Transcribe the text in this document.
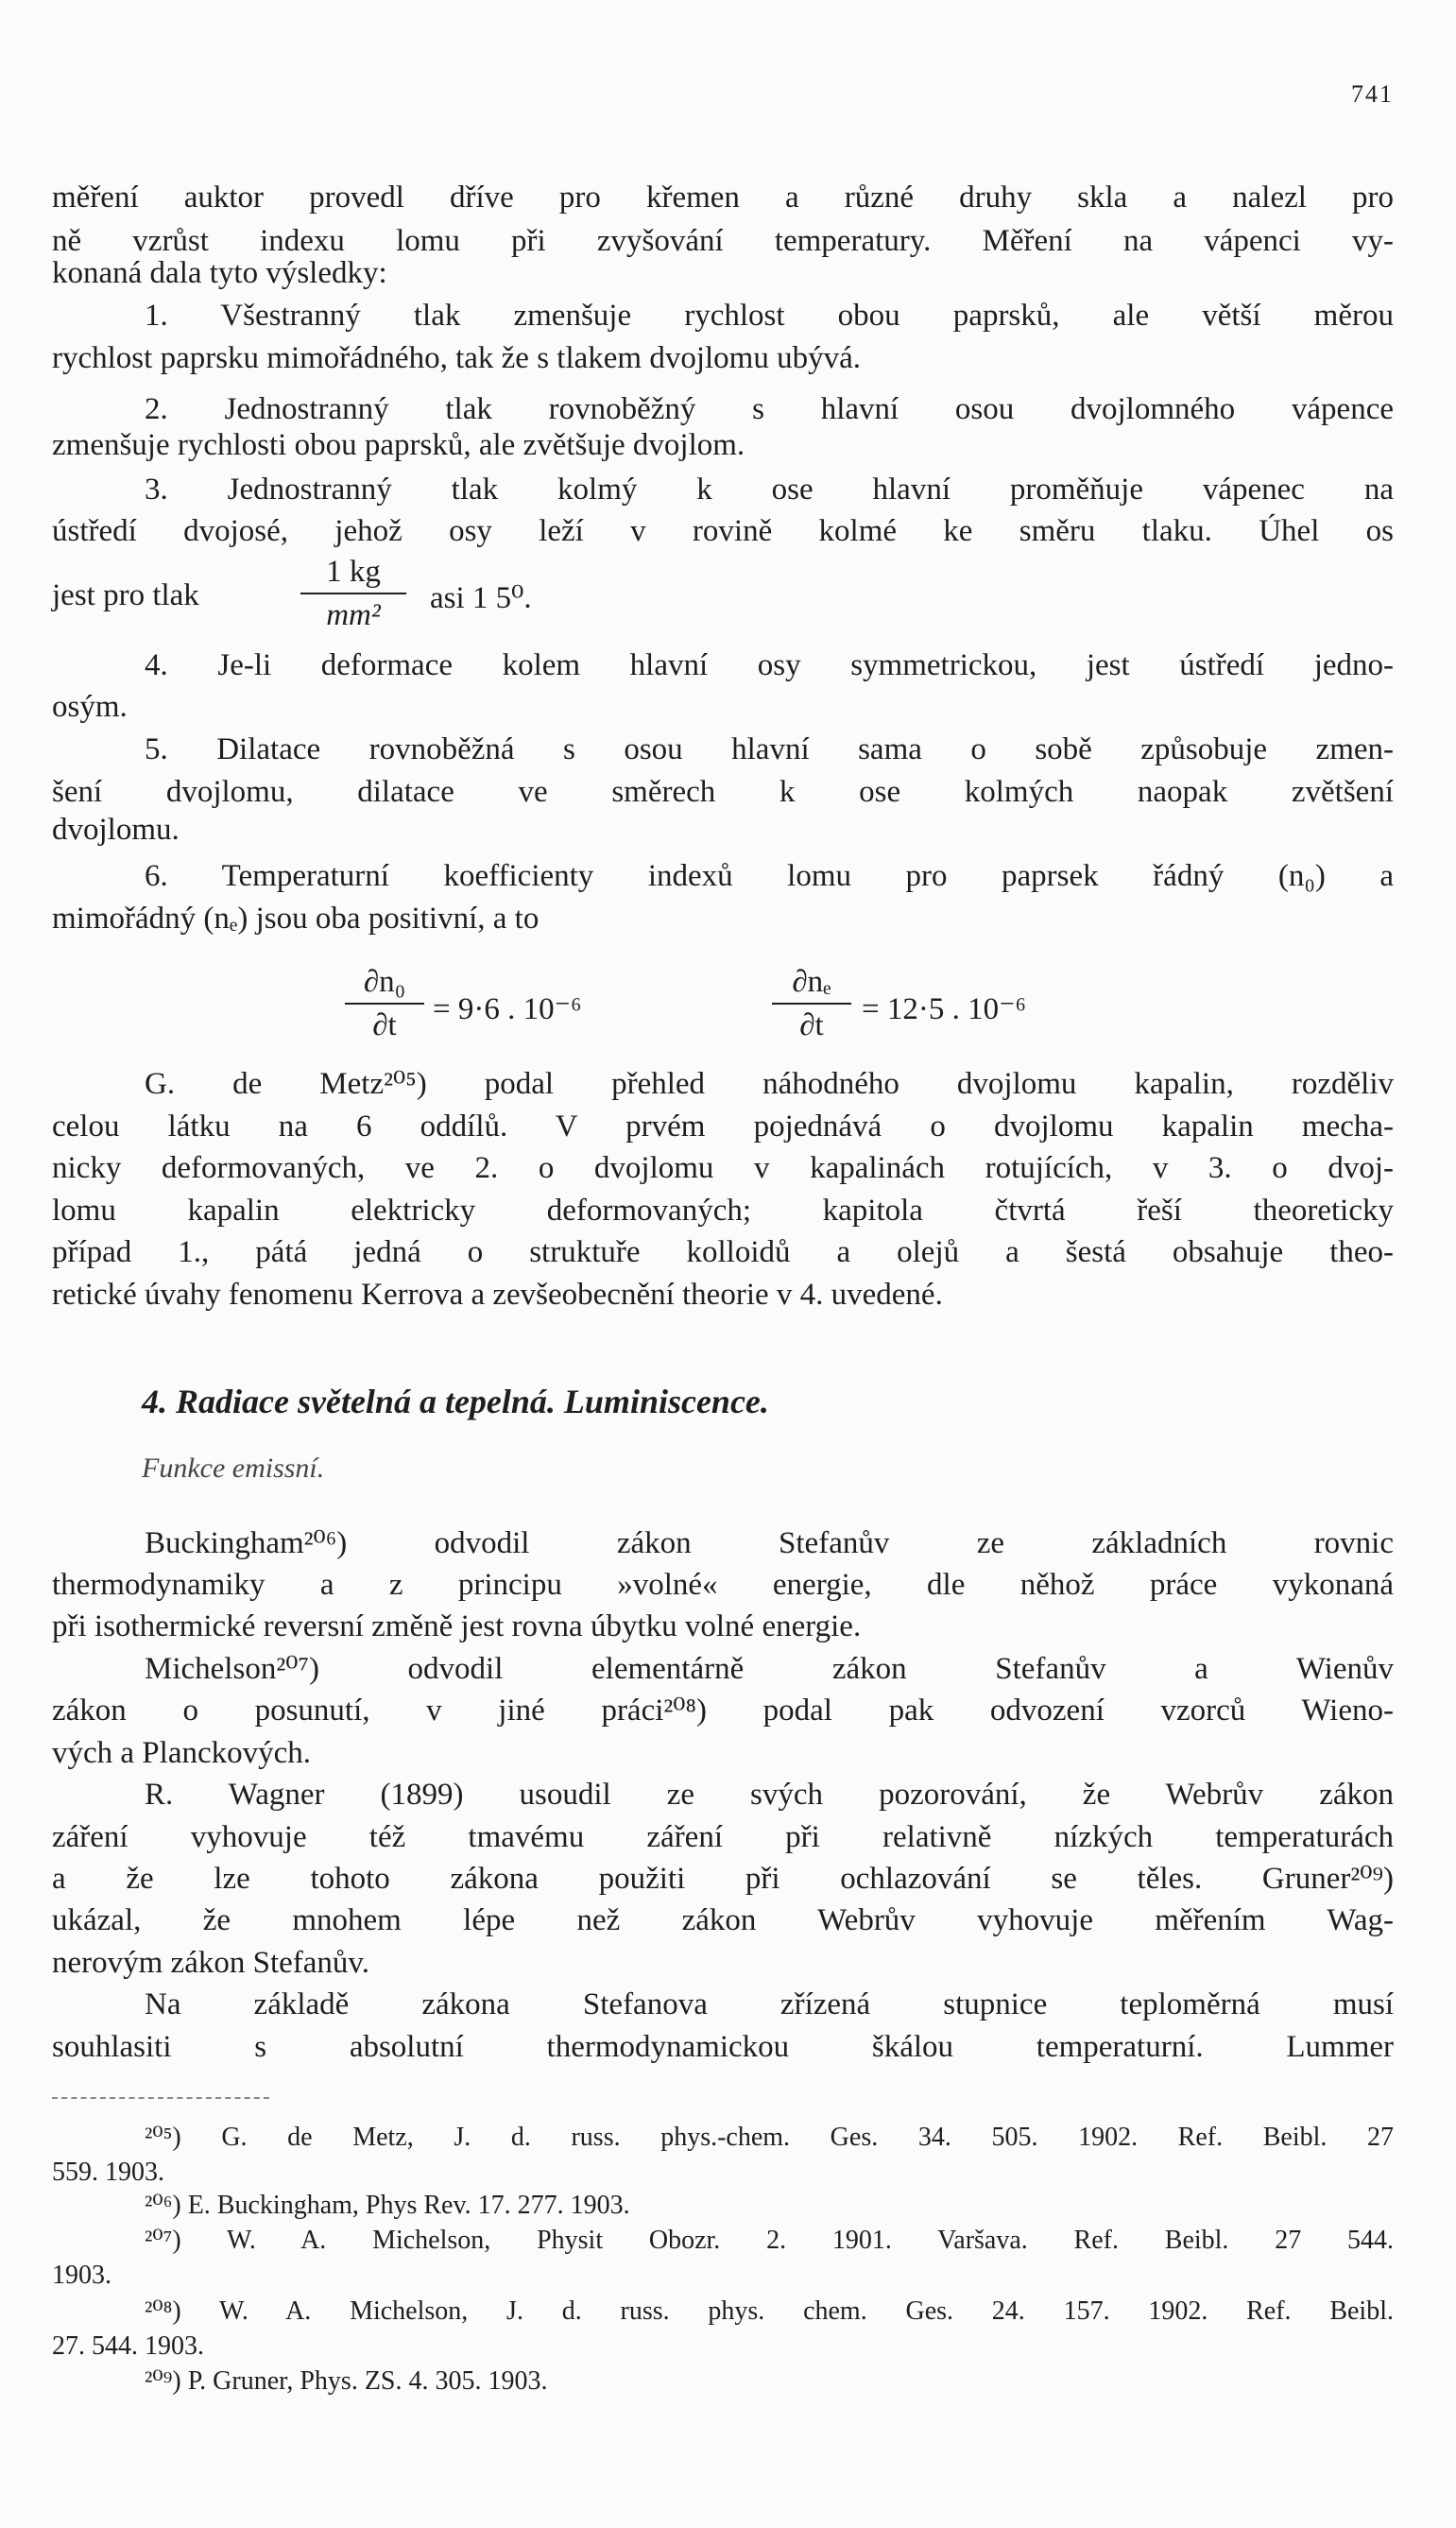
741
měření auktor provedl dříve pro křemen a různé druhy skla a nalezl pro
ně vzrůst indexu lomu při zvyšování temperatury. Měření na vápenci vy-
konaná dala tyto výsledky:
1. Všestranný tlak zmenšuje rychlost obou paprsků, ale větší měrou
rychlost paprsku mimořádného, tak že s tlakem dvojlomu ubývá.
2. Jednostranný tlak rovnoběžný s hlavní osou dvojlomného vápence
zmenšuje rychlosti obou paprsků, ale zvětšuje dvojlom.
3. Jednostranný tlak kolmý k ose hlavní proměňuje vápenec na
ústředí dvojosé, jehož osy leží v rovině kolmé ke směru tlaku. Úhel os
jest pro tlak
1 kg
mm²	asi 1 5⁰.
4. Je-li deformace kolem hlavní osy symmetrickou, jest ústředí jedno-
osým.
5. Dilatace rovnoběžná s osou hlavní sama o sobě způsobuje zmen-
šení dvojlomu, dilatace ve směrech k ose kolmých naopak zvětšení
dvojlomu.
6. Temperaturní koefficienty indexů lomu pro paprsek řádný (n₀) a
mimořádný (nₑ) jsou oba positivní, a to
∂n₀
∂t	= 9·6 . 10⁻⁶
∂nₑ
∂t	= 12·5 . 10⁻⁶
G. de Metz²⁰⁵) podal přehled náhodného dvojlomu kapalin, rozděliv
celou látku na 6 oddílů. V prvém pojednává o dvojlomu kapalin mecha-
nicky deformovaných, ve 2. o dvojlomu v kapalinách rotujících, v 3. o dvoj-
lomu kapalin elektricky deformovaných; kapitola čtvrtá řeší theoreticky
případ 1., pátá jedná o struktuře kolloidů a olejů a šestá obsahuje theo-
retické úvahy fenomenu Kerrova a zevšeobecnění theorie v 4. uvedené.
4. Radiace světelná a tepelná. Luminiscence.
Funkce emissní.
Buckingham²⁰⁶) odvodil zákon Stefanův ze základních rovnic
thermodynamiky a z principu »volné« energie, dle něhož práce vykonaná
při isothermické reversní změně jest rovna úbytku volné energie.
Michelson²⁰⁷) odvodil elementárně zákon Stefanův a Wienův
zákon o posunutí, v jiné práci²⁰⁸) podal pak odvození vzorců Wieno-
vých a Planckových.
R. Wagner (1899) usoudil ze svých pozorování, že Webrův zákon
záření vyhovuje též tmavému záření při relativně nízkých temperaturách
a že lze tohoto zákona použiti při ochlazování se těles. Gruner²⁰⁹)
ukázal, že mnohem lépe než zákon Webrův vyhovuje měřením Wag-
nerovým zákon Stefanův.
Na základě zákona Stefanova zřízená stupnice teploměrná musí
souhlasiti s absolutní thermodynamickou škálou temperaturní. Lummer
²⁰⁵) G. de Metz, J. d. russ. phys.-chem. Ges. 34. 505. 1902. Ref. Beibl. 27
559. 1903.
²⁰⁶) E. Buckingham, Phys Rev. 17. 277. 1903.
²⁰⁷) W. A. Michelson, Physit Obozr. 2. 1901. Varšava. Ref. Beibl. 27 544.
1903.
²⁰⁸) W. A. Michelson, J. d. russ. phys. chem. Ges. 24. 157. 1902. Ref. Beibl.
27. 544. 1903.
²⁰⁹) P. Gruner, Phys. ZS. 4. 305. 1903.
